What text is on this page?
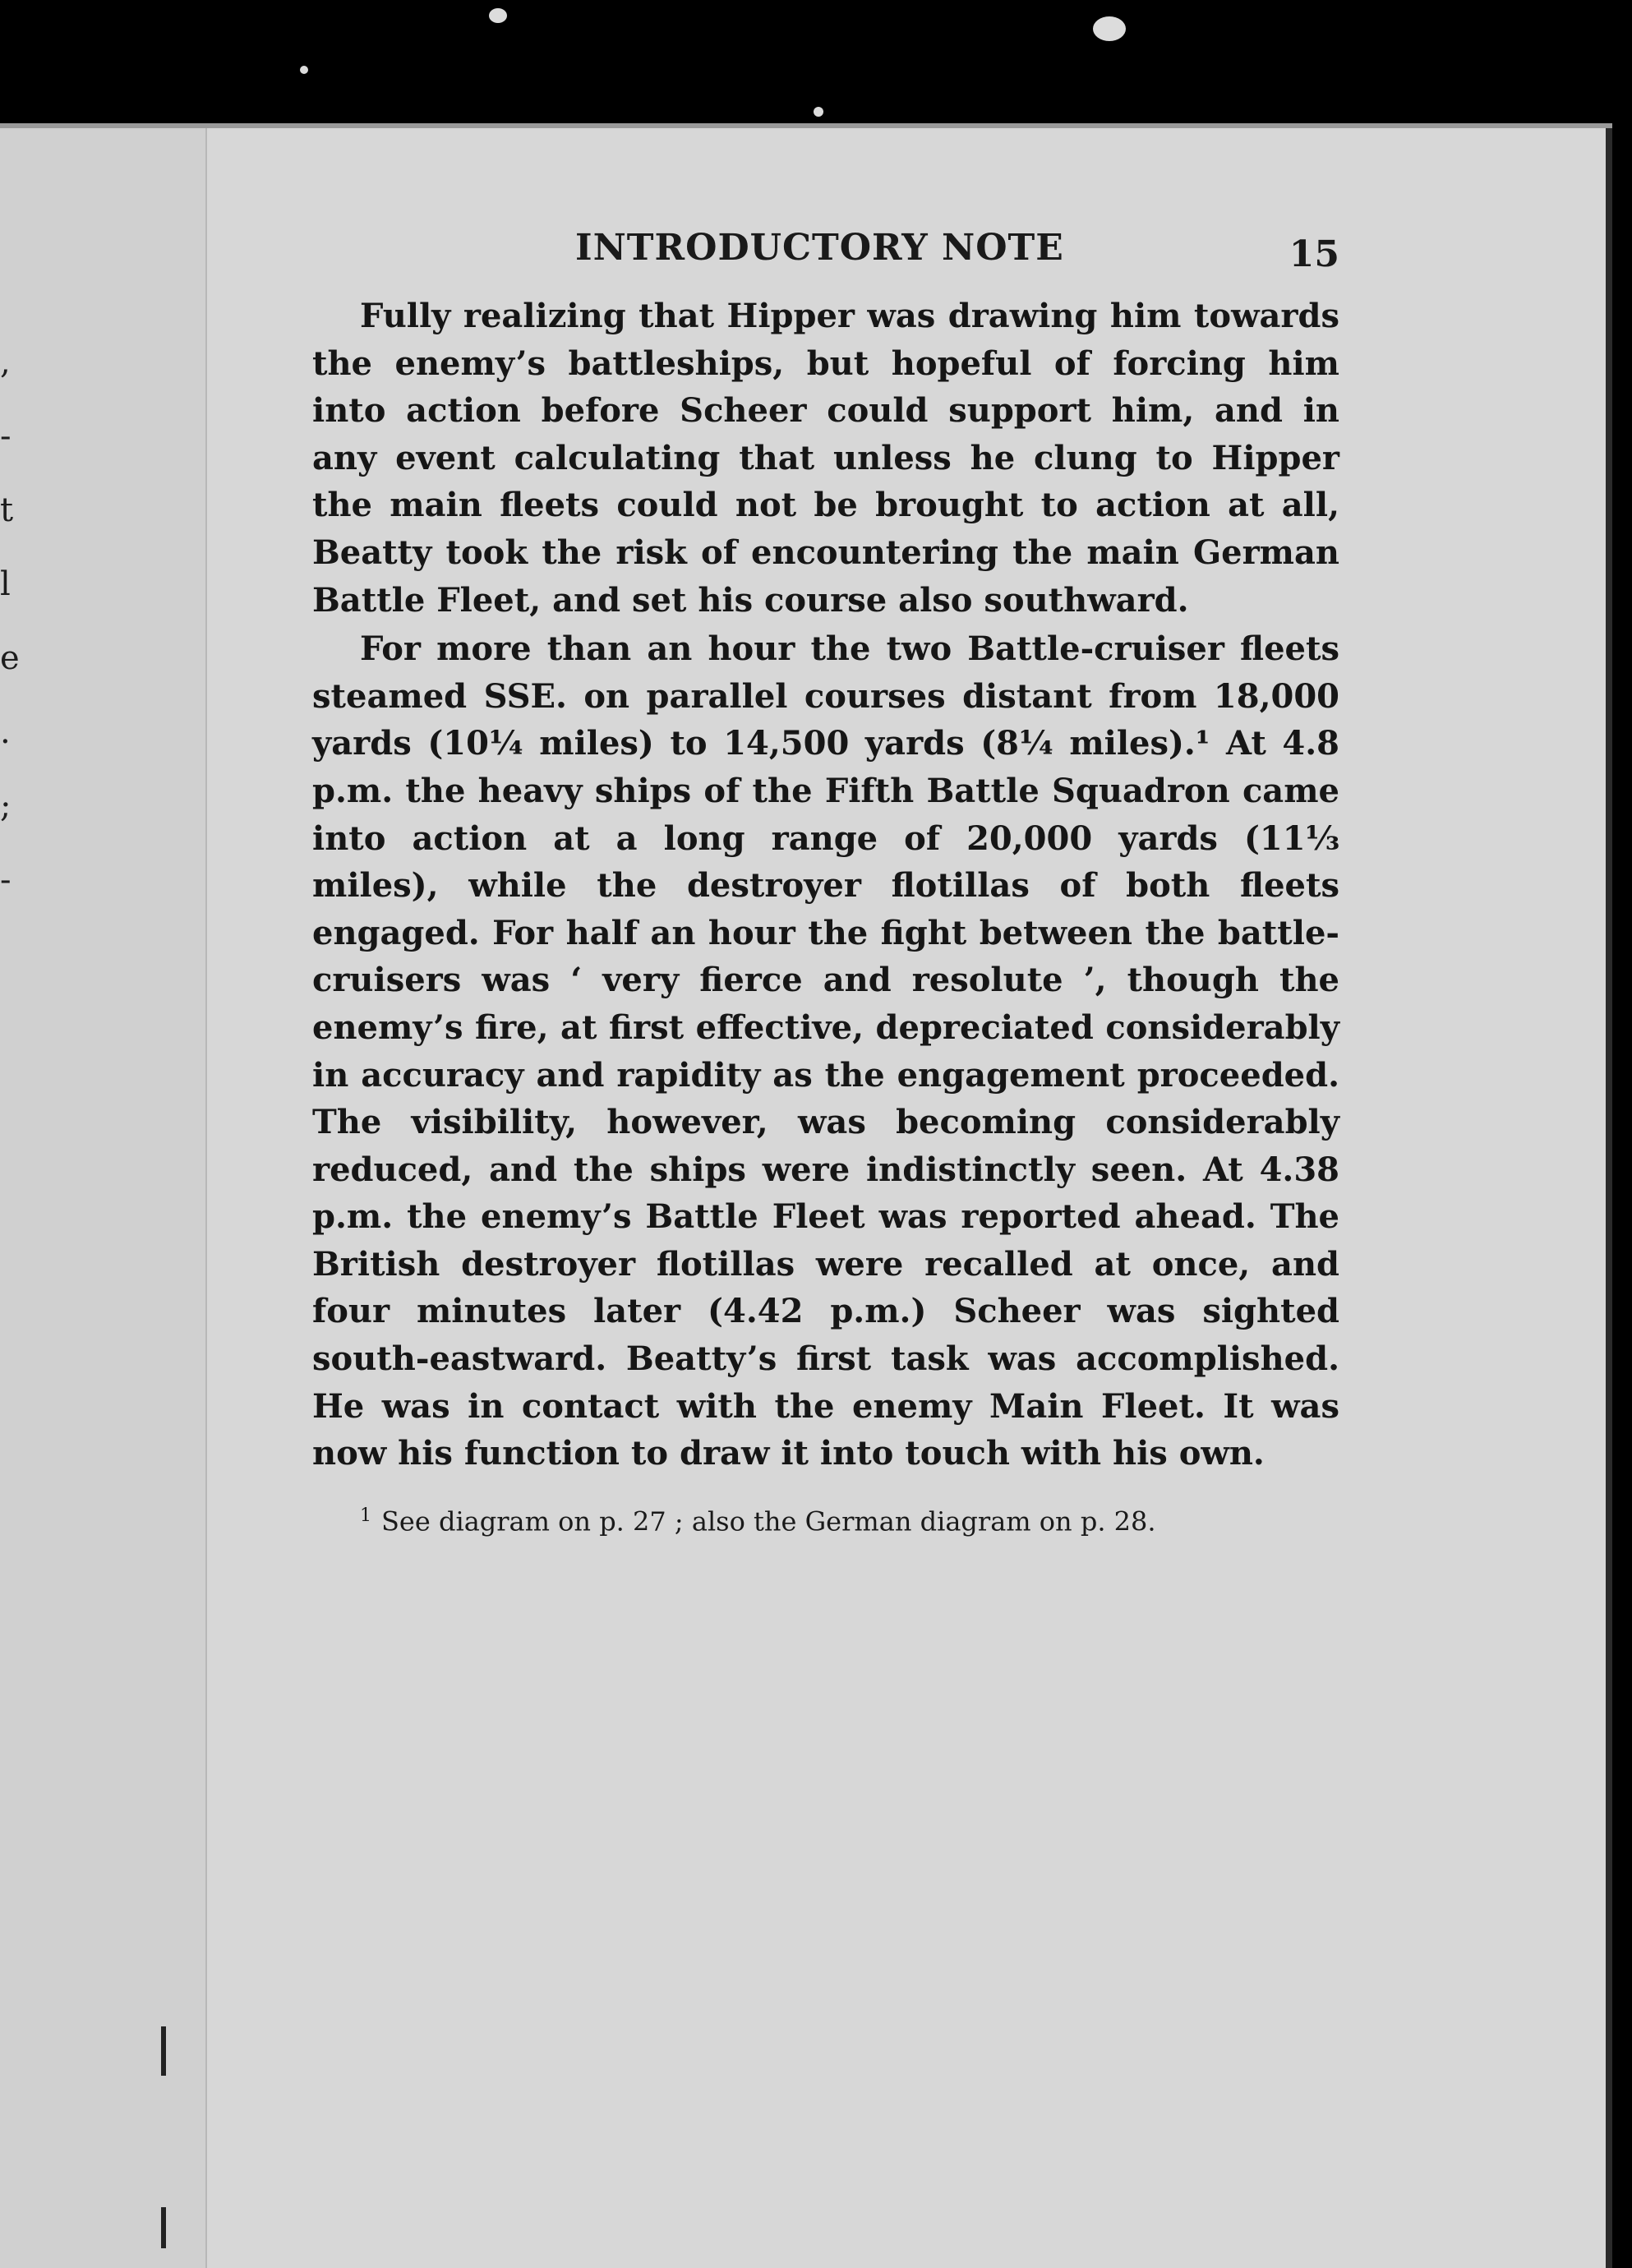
,
-
t
l
e
.
;
-
INTRODUCTORY NOTE	15

Fully realizing that Hipper was drawing him towards the enemy’s battleships, but hopeful of forcing him into action before Scheer could support him, and in any event calculating that unless he clung to Hipper the main fleets could not be brought to action at all, Beatty took the risk of encountering the main German Battle Fleet, and set his course also southward.

For more than an hour the two Battle-cruiser fleets steamed SSE. on parallel courses distant from 18,000 yards (10¼ miles) to 14,500 yards (8¼ miles).¹ At 4.8 p.m. the heavy ships of the Fifth Battle Squadron came into action at a long range of 20,000 yards (11⅓ miles), while the destroyer flotillas of both fleets engaged. For half an hour the fight between the battle-cruisers was ‘ very fierce and resolute ’, though the enemy’s fire, at first effective, depreciated considerably in accuracy and rapidity as the engagement proceeded. The visibility, however, was becoming considerably reduced, and the ships were indistinctly seen. At 4.38 p.m. the enemy’s Battle Fleet was reported ahead. The British destroyer flotillas were recalled at once, and four minutes later (4.42 p.m.) Scheer was sighted south-eastward. Beatty’s first task was accomplished. He was in contact with the enemy Main Fleet. It was now his function to draw it into touch with his own.

$^1$ See diagram on p. 27 ; also the German diagram on p. 28.
